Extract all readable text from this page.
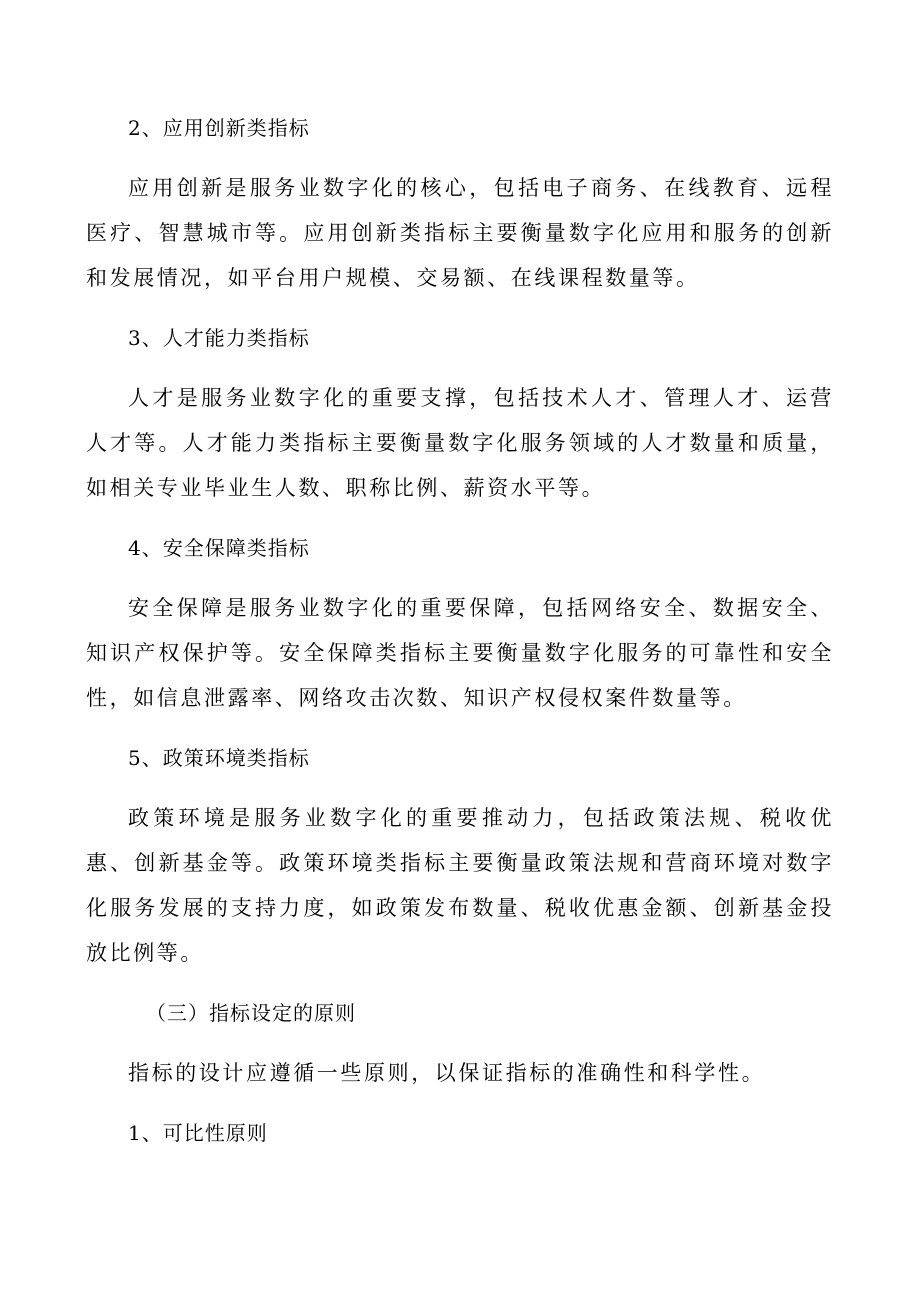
2、应用创新类指标

应用创新是服务业数字化的核心，包括电子商务、在线教育、远程医疗、智慧城市等。应用创新类指标主要衡量数字化应用和服务的创新和发展情况，如平台用户规模、交易额、在线课程数量等。

3、人才能力类指标

人才是服务业数字化的重要支撑，包括技术人才、管理人才、运营人才等。人才能力类指标主要衡量数字化服务领域的人才数量和质量，如相关专业毕业生人数、职称比例、薪资水平等。

4、安全保障类指标

安全保障是服务业数字化的重要保障，包括网络安全、数据安全、知识产权保护等。安全保障类指标主要衡量数字化服务的可靠性和安全性，如信息泄露率、网络攻击次数、知识产权侵权案件数量等。

5、政策环境类指标

政策环境是服务业数字化的重要推动力，包括政策法规、税收优惠、创新基金等。政策环境类指标主要衡量政策法规和营商环境对数字化服务发展的支持力度，如政策发布数量、税收优惠金额、创新基金投放比例等。

（三）指标设定的原则

指标的设计应遵循一些原则，以保证指标的准确性和科学性。

1、可比性原则
